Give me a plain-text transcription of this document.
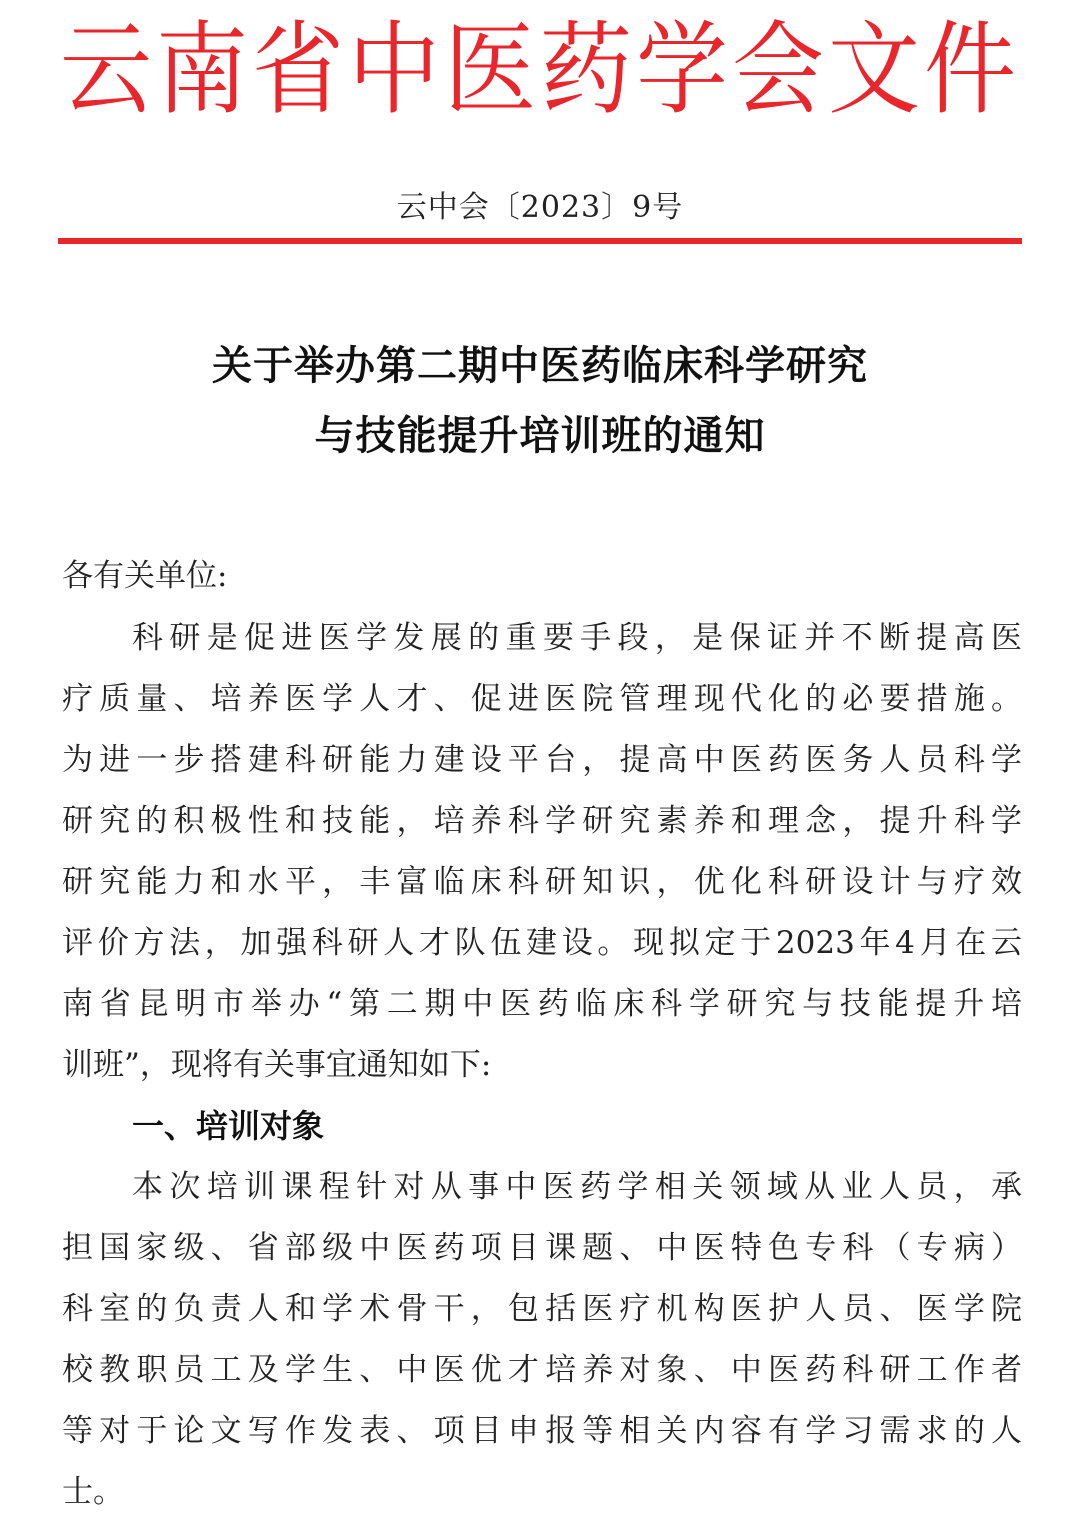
云南省中医药学会文件
云中会〔2023〕9号
关于举办第二期中医药临床科学研究
与技能提升培训班的通知
各有关单位:
科研是促进医学发展的重要手段，是保证并不断提高医
疗质量、培养医学人才、促进医院管理现代化的必要措施。
为进一步搭建科研能力建设平台，提高中医药医务人员科学
研究的积极性和技能，培养科学研究素养和理念，提升科学
研究能力和水平，丰富临床科研知识，优化科研设计与疗效
评价方法，加强科研人才队伍建设。现拟定于2023年4月在云
南省昆明市举办“第二期中医药临床科学研究与技能提升培
训班”，现将有关事宜通知如下:
一、培训对象
本次培训课程针对从事中医药学相关领域从业人员，承
担国家级、省部级中医药项目课题、中医特色专科（专病）
科室的负责人和学术骨干，包括医疗机构医护人员、医学院
校教职员工及学生、中医优才培养对象、中医药科研工作者
等对于论文写作发表、项目申报等相关内容有学习需求的人
士。
